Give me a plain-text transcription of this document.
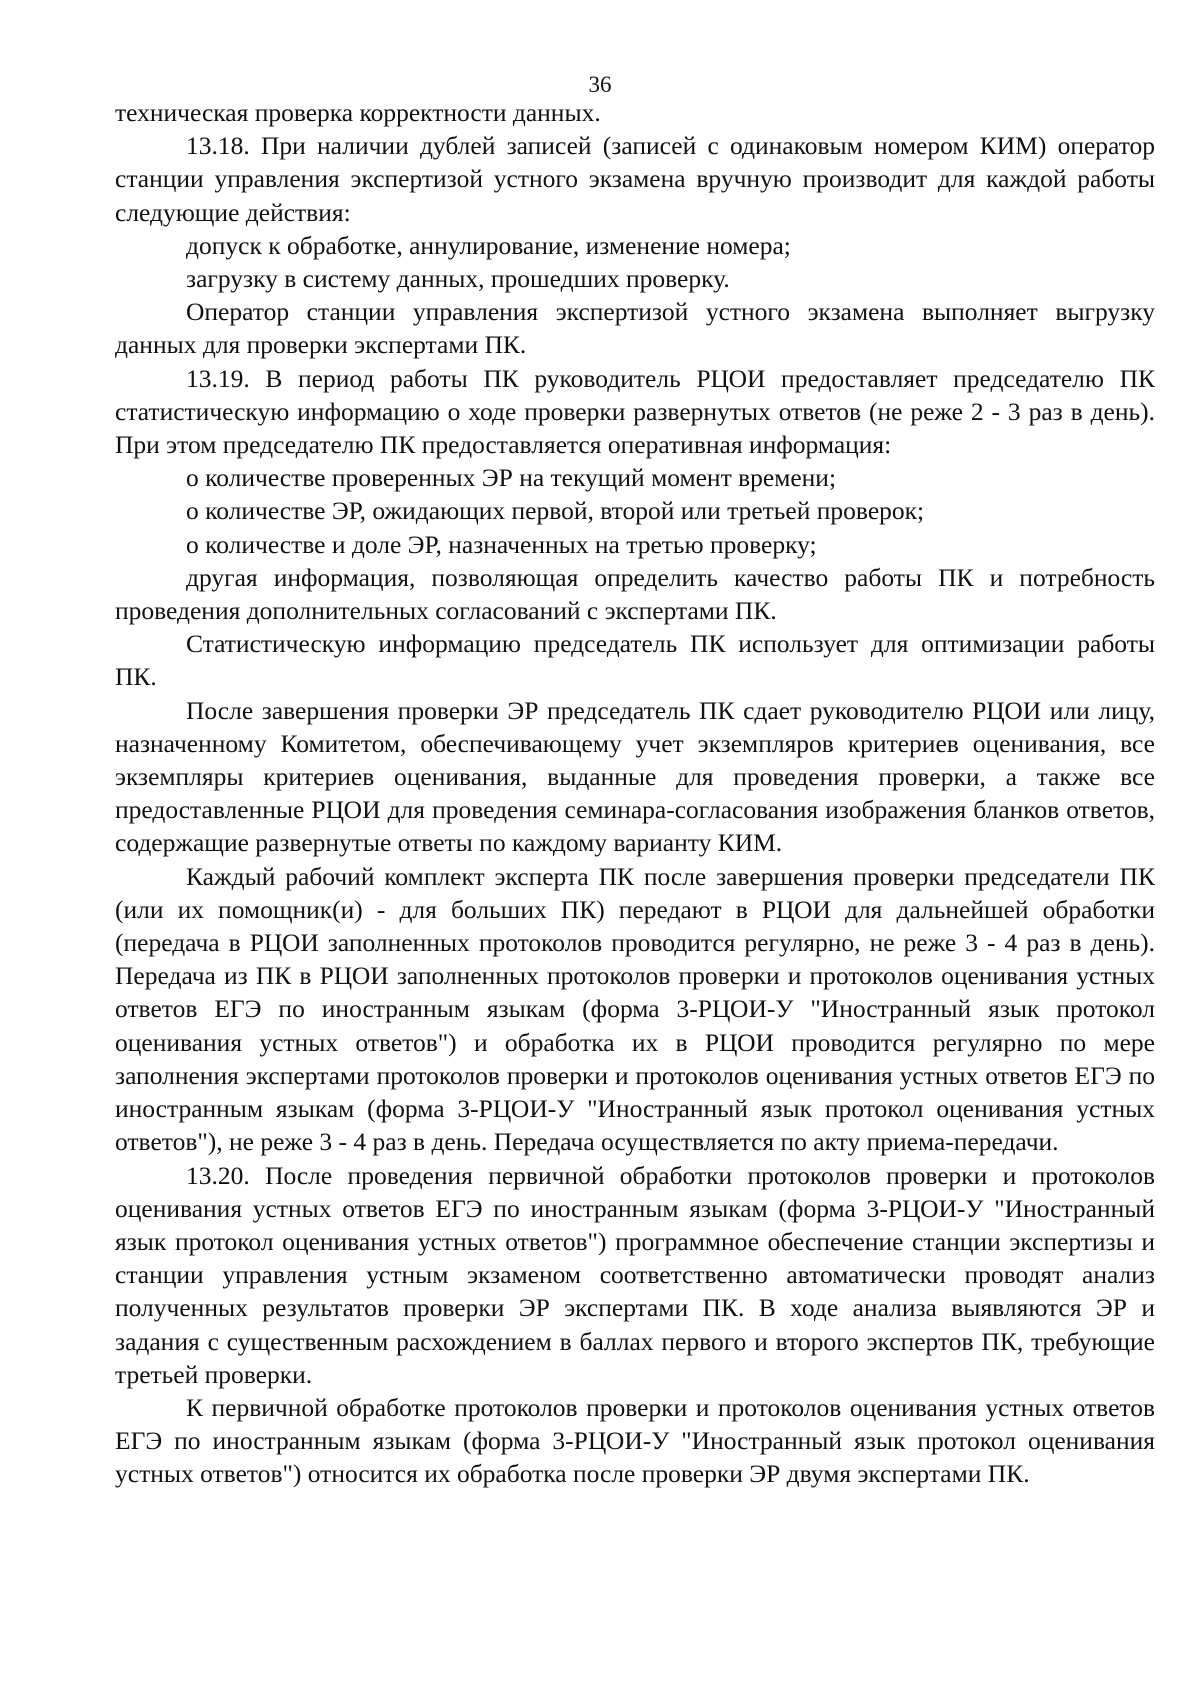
36

техническая проверка корректности данных.

13.18. При наличии дублей записей (записей с одинаковым номером КИМ) оператор станции управления экспертизой устного экзамена вручную производит для каждой работы следующие действия:

допуск к обработке, аннулирование, изменение номера;

загрузку в систему данных, прошедших проверку.

Оператор станции управления экспертизой устного экзамена выполняет выгрузку данных для проверки экспертами ПК.

13.19. В период работы ПК руководитель РЦОИ предоставляет председателю ПК статистическую информацию о ходе проверки развернутых ответов (не реже 2 - 3 раз в день). При этом председателю ПК предоставляется оперативная информация:

о количестве проверенных ЭР на текущий момент времени;

о количестве ЭР, ожидающих первой, второй или третьей проверок;

о количестве и доле ЭР, назначенных на третью проверку;

другая информация, позволяющая определить качество работы ПК и потребность проведения дополнительных согласований с экспертами ПК.

Статистическую информацию председатель ПК использует для оптимизации работы ПК.

После завершения проверки ЭР председатель ПК сдает руководителю РЦОИ или лицу, назначенному Комитетом, обеспечивающему учет экземпляров критериев оценивания, все экземпляры критериев оценивания, выданные для проведения проверки, а также все предоставленные РЦОИ для проведения семинара-согласования изображения бланков ответов, содержащие развернутые ответы по каждому варианту КИМ.

Каждый рабочий комплект эксперта ПК после завершения проверки председатели ПК (или их помощник(и) - для больших ПК) передают в РЦОИ для дальнейшей обработки (передача в РЦОИ заполненных протоколов проводится регулярно, не реже 3 - 4 раз в день). Передача из ПК в РЦОИ заполненных протоколов проверки и протоколов оценивания устных ответов ЕГЭ по иностранным языкам (форма 3-РЦОИ-У "Иностранный язык протокол оценивания устных ответов") и обработка их в РЦОИ проводится регулярно по мере заполнения экспертами протоколов проверки и протоколов оценивания устных ответов ЕГЭ по иностранным языкам (форма 3-РЦОИ-У "Иностранный язык протокол оценивания устных ответов"), не реже 3 - 4 раз в день. Передача осуществляется по акту приема-передачи.

13.20. После проведения первичной обработки протоколов проверки и протоколов оценивания устных ответов ЕГЭ по иностранным языкам (форма 3-РЦОИ-У "Иностранный язык протокол оценивания устных ответов") программное обеспечение станции экспертизы и станции управления устным экзаменом соответственно автоматически проводят анализ полученных результатов проверки ЭР экспертами ПК. В ходе анализа выявляются ЭР и задания с существенным расхождением в баллах первого и второго экспертов ПК, требующие третьей проверки.

К первичной обработке протоколов проверки и протоколов оценивания устных ответов ЕГЭ по иностранным языкам (форма 3-РЦОИ-У "Иностранный язык протокол оценивания устных ответов") относится их обработка после проверки ЭР двумя экспертами ПК.
